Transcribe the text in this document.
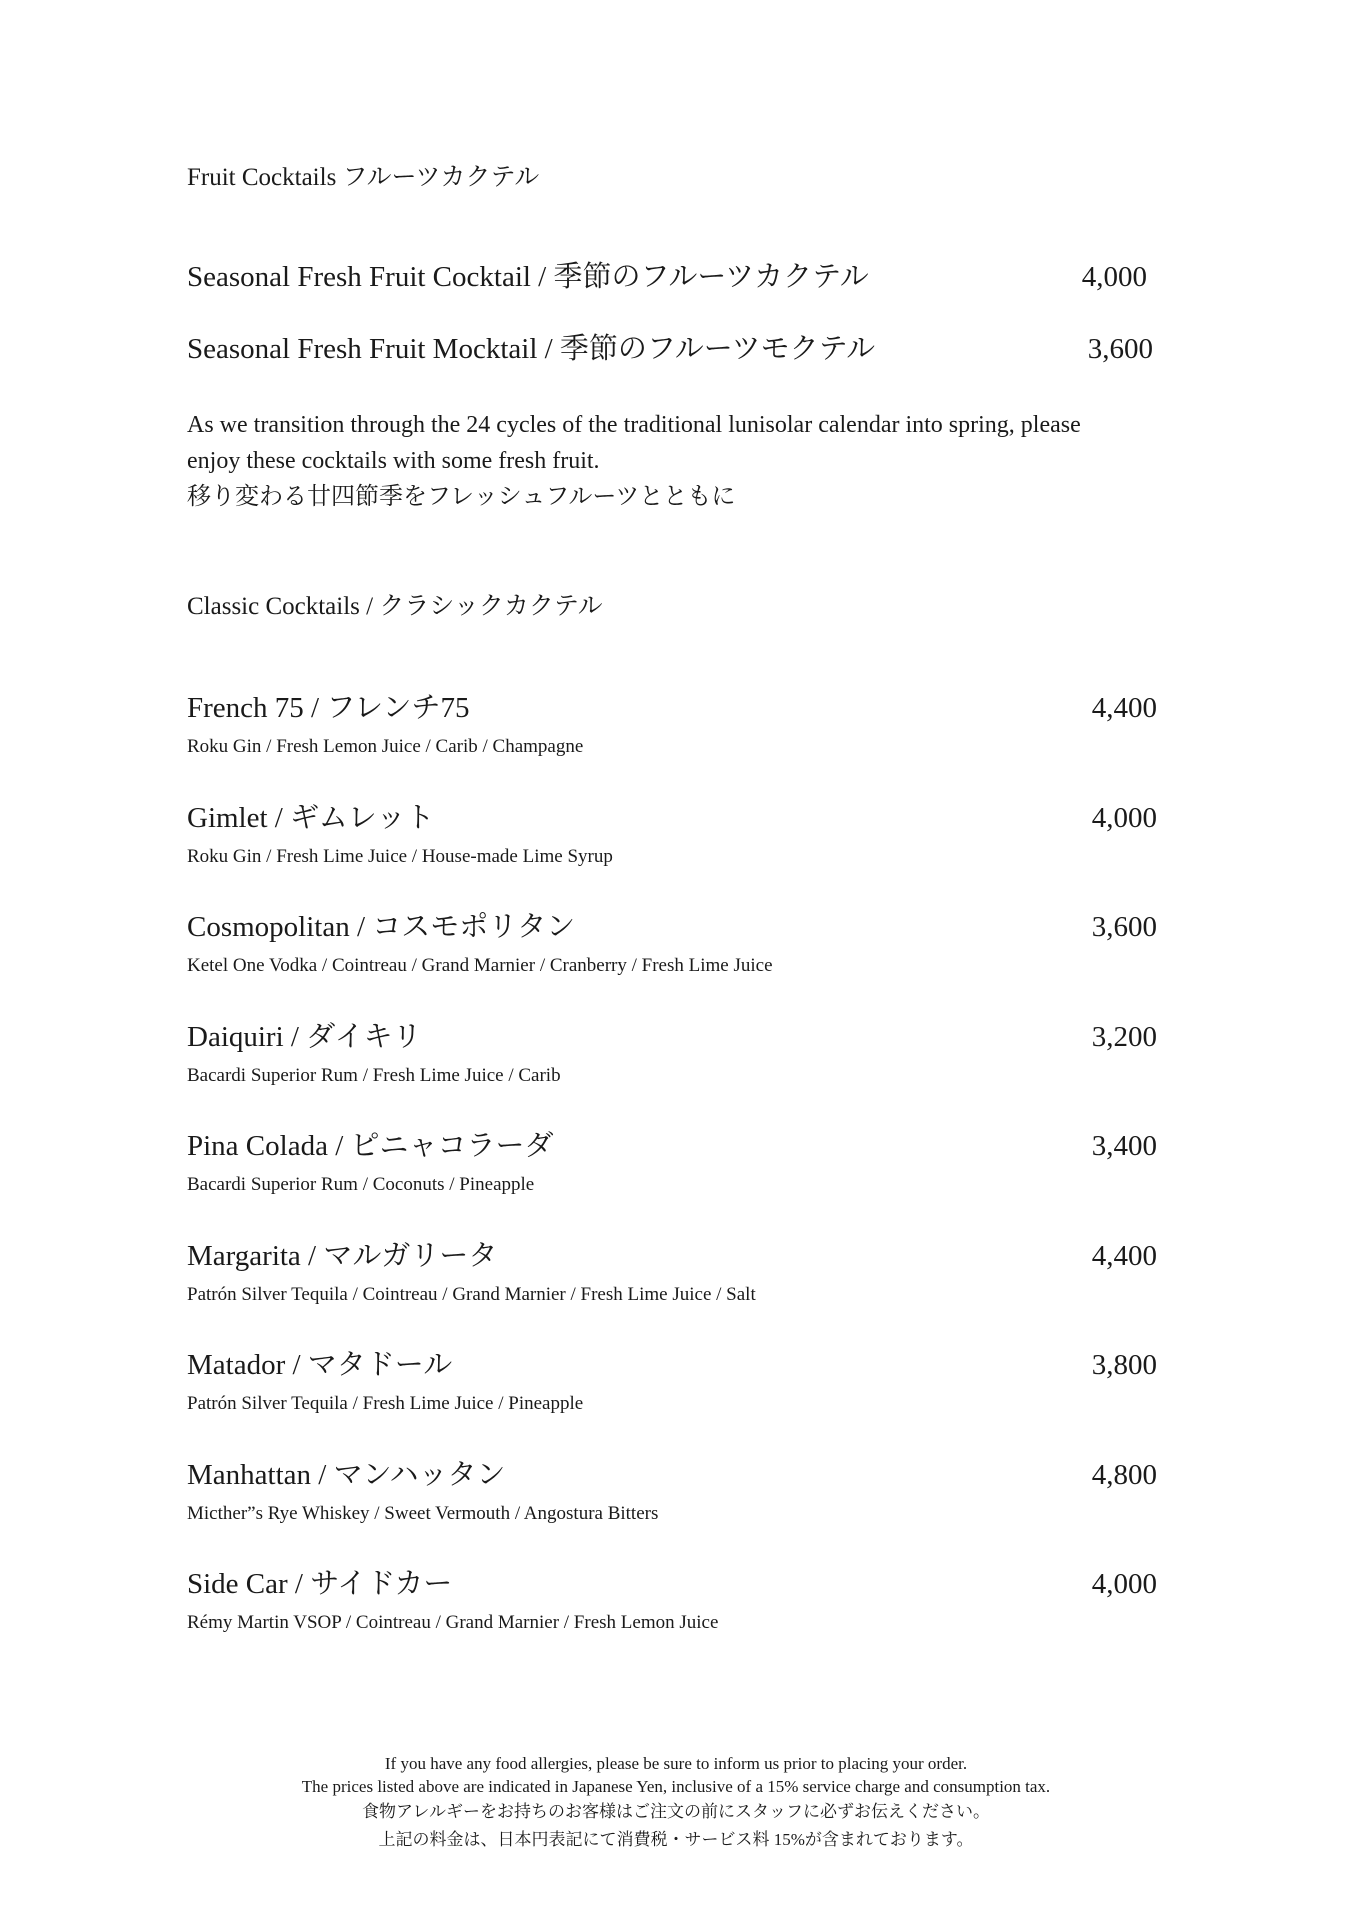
Fruit Cocktails フルーツカクテル
Seasonal Fresh Fruit Cocktail / 季節のフルーツカクテル	4,000
Seasonal Fresh Fruit Mocktail / 季節のフルーツモクテル	3,600
As we transition through the 24 cycles of the traditional lunisolar calendar into spring, please
enjoy these cocktails with some fresh fruit.
移り変わる廿四節季をフレッシュフルーツとともに
Classic Cocktails / クラシックカクテル
French 75 / フレンチ75	4,400
Roku Gin / Fresh Lemon Juice / Carib / Champagne
Gimlet / ギムレット	4,000
Roku Gin / Fresh Lime Juice / House-made Lime Syrup
Cosmopolitan / コスモポリタン	3,600
Ketel One Vodka / Cointreau / Grand Marnier / Cranberry / Fresh Lime Juice
Daiquiri / ダイキリ	3,200
Bacardi Superior Rum / Fresh Lime Juice / Carib
Pina Colada / ピニャコラーダ	3,400
Bacardi Superior Rum / Coconuts / Pineapple
Margarita / マルガリータ	4,400
Patrón Silver Tequila / Cointreau / Grand Marnier / Fresh Lime Juice / Salt
Matador / マタドール	3,800
Patrón Silver Tequila / Fresh Lime Juice / Pineapple
Manhattan / マンハッタン	4,800
Micther”s Rye Whiskey / Sweet Vermouth / Angostura Bitters
Side Car / サイドカー	4,000
Rémy Martin VSOP / Cointreau / Grand Marnier / Fresh Lemon Juice
If you have any food allergies, please be sure to inform us prior to placing your order.
The prices listed above are indicated in Japanese Yen, inclusive of a 15% service charge and consumption tax.
食物アレルギーをお持ちのお客様はご注文の前にスタッフに必ずお伝えください。
上記の料金は、日本円表記にて消費税・サービス料 15%が含まれております。
